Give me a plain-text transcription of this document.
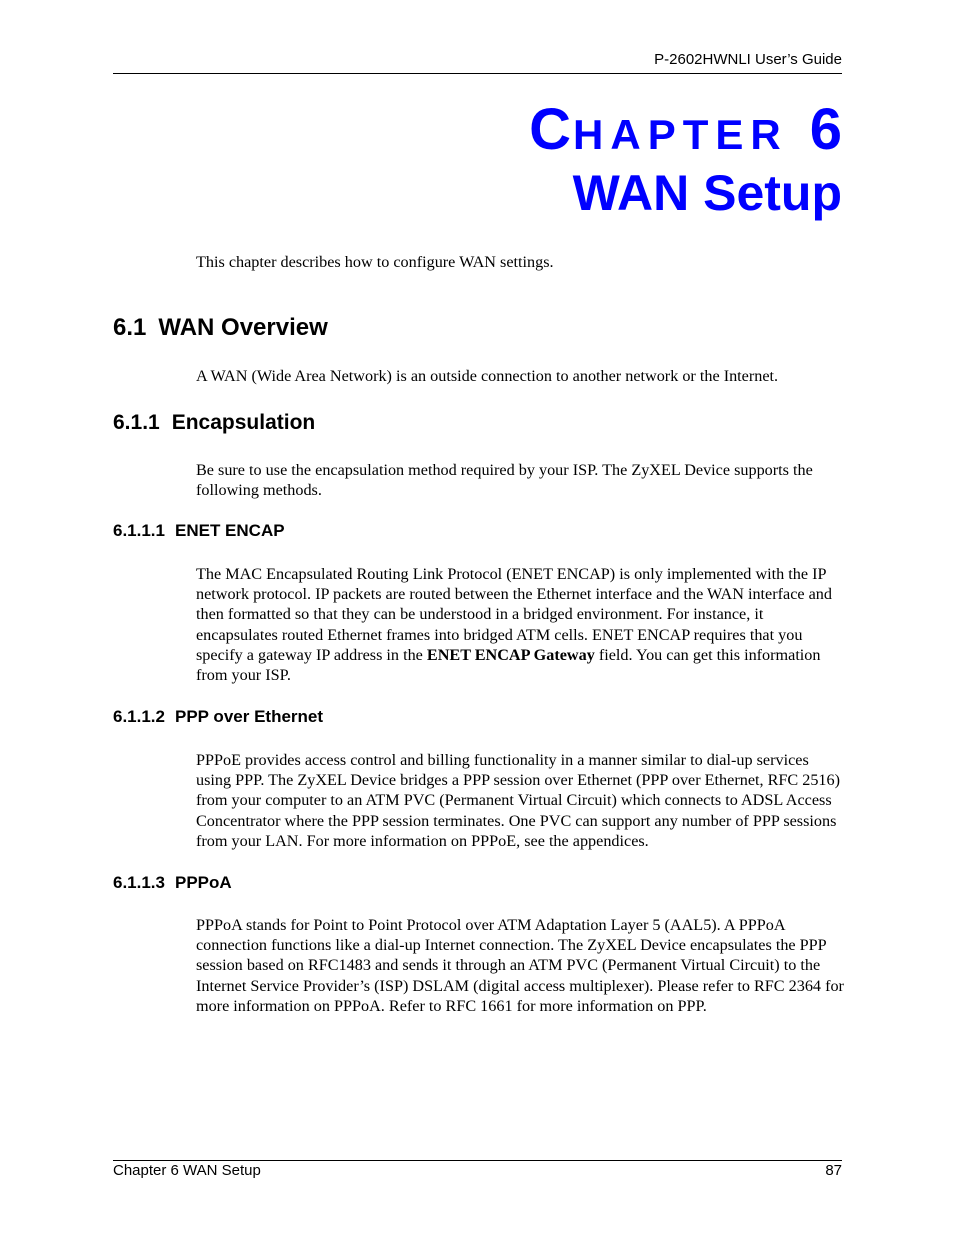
P-2602HWNLI User’s Guide
CHAPTER 6
WAN Setup
This chapter describes how to configure WAN settings.
6.1 WAN Overview
A WAN (Wide Area Network) is an outside connection to another network or the Internet.
6.1.1 Encapsulation
Be sure to use the encapsulation method required by your ISP. The ZyXEL Device supports the following methods.
6.1.1.1 ENET ENCAP
The MAC Encapsulated Routing Link Protocol (ENET ENCAP) is only implemented with the IP network protocol. IP packets are routed between the Ethernet interface and the WAN interface and then formatted so that they can be understood in a bridged environment. For instance, it encapsulates routed Ethernet frames into bridged ATM cells. ENET ENCAP requires that you specify a gateway IP address in the ENET ENCAP Gateway field. You can get this information from your ISP.
6.1.1.2 PPP over Ethernet
PPPoE provides access control and billing functionality in a manner similar to dial-up services using PPP. The ZyXEL Device bridges a PPP session over Ethernet (PPP over Ethernet, RFC 2516) from your computer to an ATM PVC (Permanent Virtual Circuit) which connects to ADSL Access Concentrator where the PPP session terminates. One PVC can support any number of PPP sessions from your LAN. For more information on PPPoE, see the appendices.
6.1.1.3 PPPoA
PPPoA stands for Point to Point Protocol over ATM Adaptation Layer 5 (AAL5). A PPPoA connection functions like a dial-up Internet connection. The ZyXEL Device encapsulates the PPP session based on RFC1483 and sends it through an ATM PVC (Permanent Virtual Circuit) to the Internet Service Provider’s (ISP) DSLAM (digital access multiplexer). Please refer to RFC 2364 for more information on PPPoA. Refer to RFC 1661 for more information on PPP.
Chapter 6 WAN Setup	87
